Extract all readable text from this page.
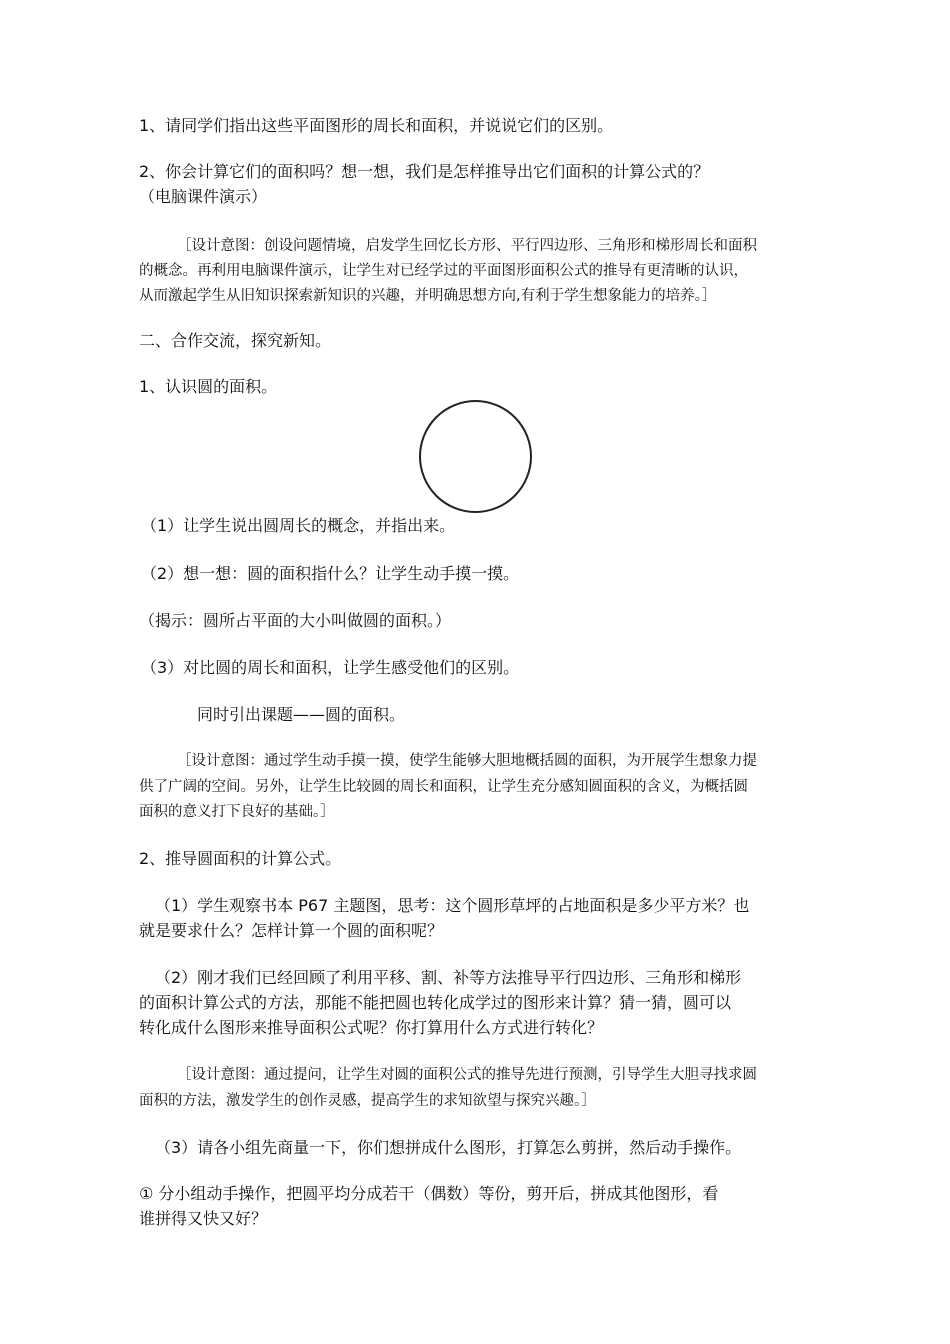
1、请同学们指出这些平面图形的周长和面积，并说说它们的区别。
2、你会计算它们的面积吗？想一想，我们是怎样推导出它们面积的计算公式的？
（电脑课件演示）
［设计意图：创设问题情境，启发学生回忆长方形、平行四边形、三角形和梯形周长和面积
的概念。再利用电脑课件演示，让学生对已经学过的平面图形面积公式的推导有更清晰的认识，
从而激起学生从旧知识探索新知识的兴趣，并明确思想方向,有利于学生想象能力的培养。］
二、合作交流，探究新知。
1、认识圆的面积。
（1）让学生说出圆周长的概念，并指出来。
（2）想一想：圆的面积指什么？让学生动手摸一摸。
（揭示：圆所占平面的大小叫做圆的面积。）
（3）对比圆的周长和面积，让学生感受他们的区别。
同时引出课题——圆的面积。
［设计意图：通过学生动手摸一摸，使学生能够大胆地概括圆的面积，为开展学生想象力提
供了广阔的空间。另外，让学生比较圆的周长和面积，让学生充分感知圆面积的含义，为概括圆
面积的意义打下良好的基础。］
2、推导圆面积的计算公式。
（1）学生观察书本 P67 主题图，思考：这个圆形草坪的占地面积是多少平方米？也
就是要求什么？怎样计算一个圆的面积呢？
（2）刚才我们已经回顾了利用平移、割、补等方法推导平行四边形、三角形和梯形
的面积计算公式的方法，那能不能把圆也转化成学过的图形来计算？猜一猜，圆可以
转化成什么图形来推导面积公式呢？你打算用什么方式进行转化？
［设计意图：通过提问，让学生对圆的面积公式的推导先进行预测，引导学生大胆寻找求圆
面积的方法，激发学生的创作灵感，提高学生的求知欲望与探究兴趣。］
（3）请各小组先商量一下，你们想拼成什么图形，打算怎么剪拼，然后动手操作。
① 分小组动手操作，把圆平均分成若干（偶数）等份，剪开后，拼成其他图形，看
谁拼得又快又好？
